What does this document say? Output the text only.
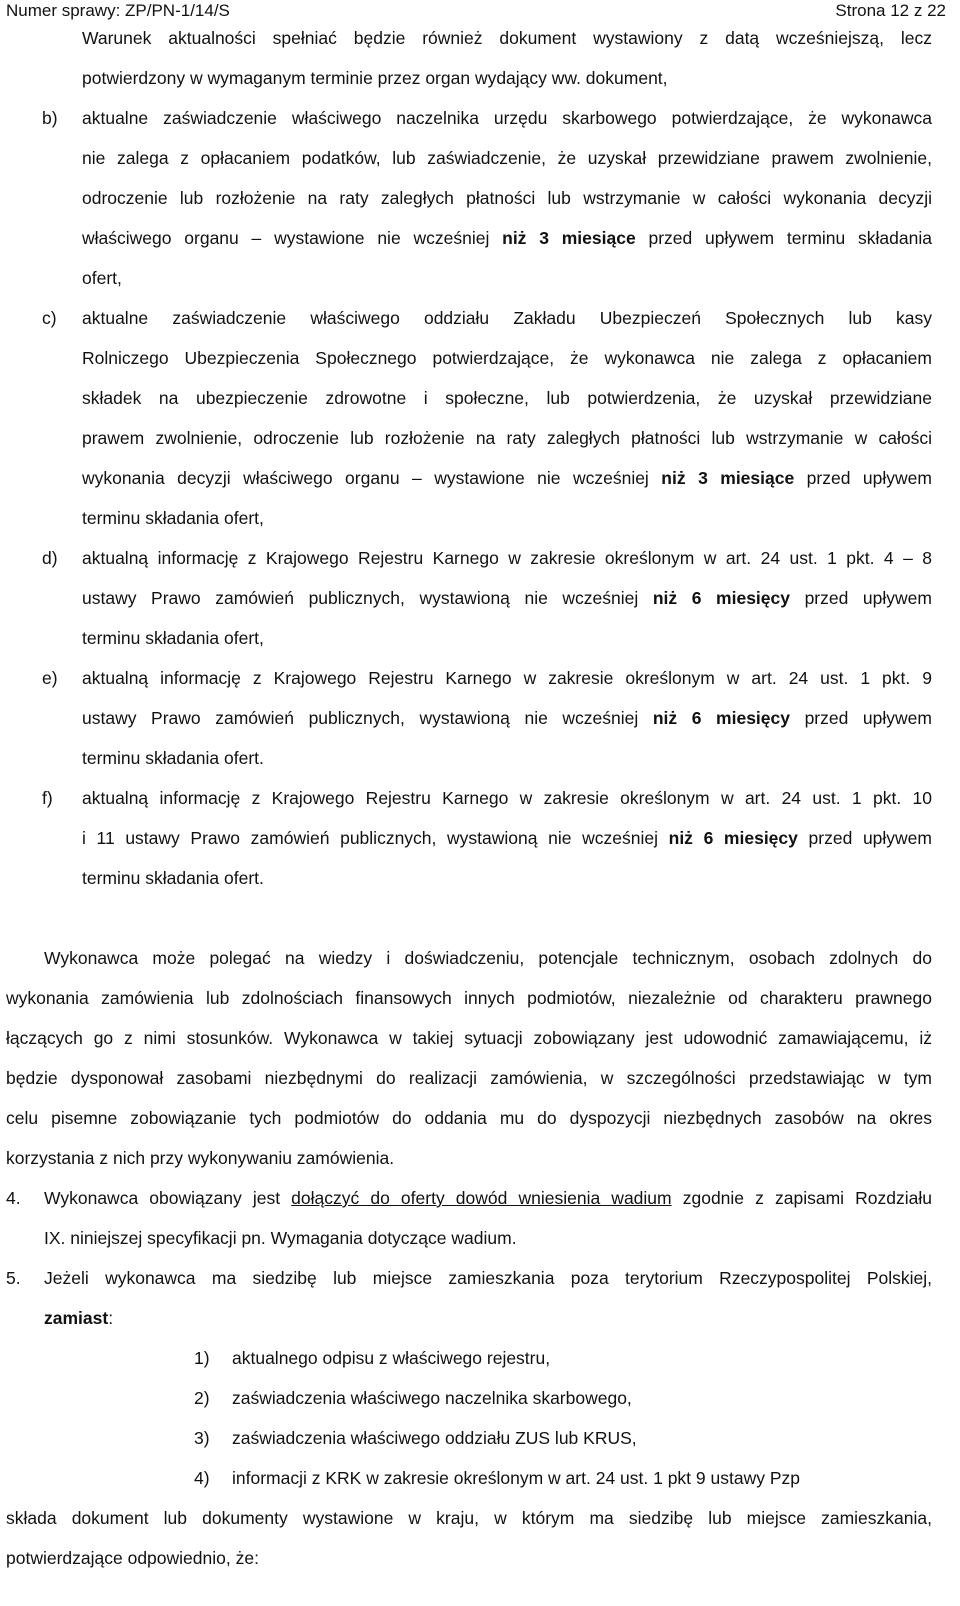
Numer sprawy: ZP/PN-1/14/S	Strona 12 z 22
Warunek aktualności spełniać będzie również dokument wystawiony z datą wcześniejszą, lecz
potwierdzony w wymaganym terminie przez organ wydający ww. dokument,
b) aktualne zaświadczenie właściwego naczelnika urzędu skarbowego potwierdzające, że wykonawca
nie zalega z opłacaniem podatków, lub zaświadczenie, że uzyskał przewidziane prawem zwolnienie,
odroczenie lub rozłożenie na raty zaległych płatności lub wstrzymanie w całości wykonania decyzji
właściwego organu – wystawione nie wcześniej niż 3 miesiące przed upływem terminu składania
ofert,
c) aktualne zaświadczenie właściwego oddziału Zakładu Ubezpieczeń Społecznych lub kasy
Rolniczego Ubezpieczenia Społecznego potwierdzające, że wykonawca nie zalega z opłacaniem
składek na ubezpieczenie zdrowotne i społeczne, lub potwierdzenia, że uzyskał przewidziane
prawem zwolnienie, odroczenie lub rozłożenie na raty zaległych płatności lub wstrzymanie w całości
wykonania decyzji właściwego organu – wystawione nie wcześniej niż 3 miesiące przed upływem
terminu składania ofert,
d) aktualną informację z Krajowego Rejestru Karnego w zakresie określonym w art. 24 ust. 1 pkt. 4 – 8
ustawy Prawo zamówień publicznych, wystawioną nie wcześniej niż 6 miesięcy przed upływem
terminu składania ofert,
e) aktualną informację z Krajowego Rejestru Karnego w zakresie określonym w art. 24 ust. 1 pkt. 9
ustawy Prawo zamówień publicznych, wystawioną nie wcześniej niż 6 miesięcy przed upływem
terminu składania ofert.
f) aktualną informację z Krajowego Rejestru Karnego w zakresie określonym w art. 24 ust. 1 pkt. 10
i 11 ustawy Prawo zamówień publicznych, wystawioną nie wcześniej niż 6 miesięcy przed upływem
terminu składania ofert.
Wykonawca może polegać na wiedzy i doświadczeniu, potencjale technicznym, osobach zdolnych do
wykonania zamówienia lub zdolnościach finansowych innych podmiotów, niezależnie od charakteru prawnego
łączących go z nimi stosunków. Wykonawca w takiej sytuacji zobowiązany jest udowodnić zamawiającemu, iż
będzie dysponował zasobami niezbędnymi do realizacji zamówienia, w szczególności przedstawiając w tym
celu pisemne zobowiązanie tych podmiotów do oddania mu do dyspozycji niezbędnych zasobów na okres
korzystania z nich przy wykonywaniu zamówienia.
4. Wykonawca obowiązany jest dołączyć do oferty dowód wniesienia wadium zgodnie z zapisami Rozdziału
IX. niniejszej specyfikacji pn. Wymagania dotyczące wadium.
5. Jeżeli wykonawca ma siedzibę lub miejsce zamieszkania poza terytorium Rzeczypospolitej Polskiej,
zamiast:
1) aktualnego odpisu z właściwego rejestru,
2) zaświadczenia właściwego naczelnika skarbowego,
3) zaświadczenia właściwego oddziału ZUS lub KRUS,
4) informacji z KRK w zakresie określonym w art. 24 ust. 1 pkt 9 ustawy Pzp
składa dokument lub dokumenty wystawione w kraju, w którym ma siedzibę lub miejsce zamieszkania,
potwierdzające odpowiednio, że:
